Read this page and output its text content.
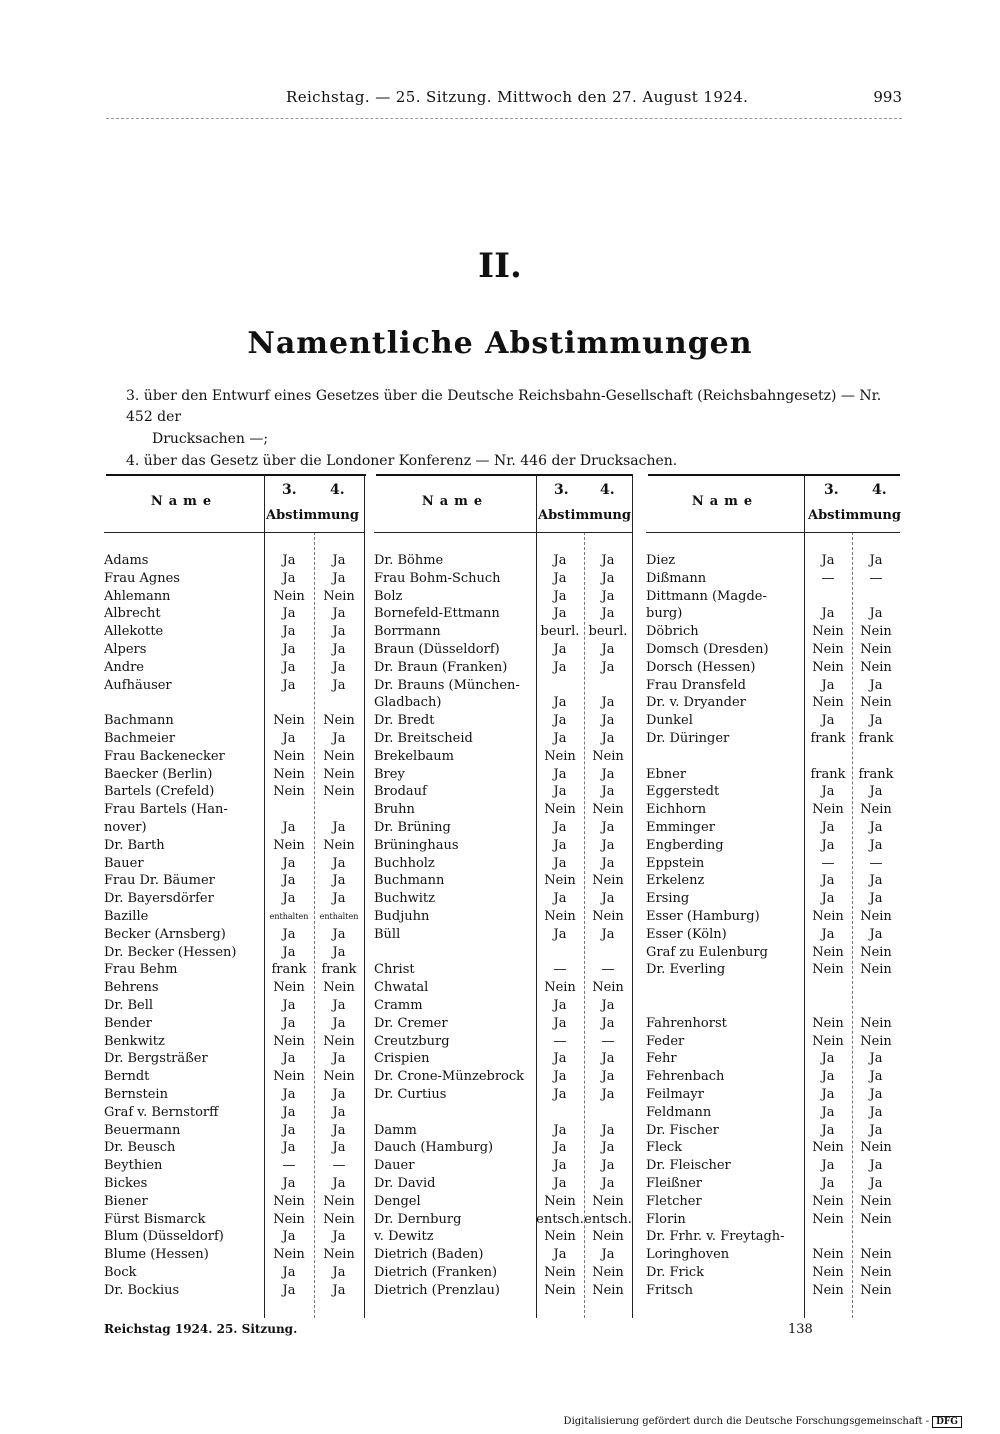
Reichstag. — 25. Sitzung. Mittwoch den 27. August 1924.	993
II.
Namentliche Abstimmungen

3. über den Entwurf eines Gesetzes über die Deutsche Reichsbahn-Gesellschaft (Reichsbahngesetz) — Nr. 452 der

Drucksachen —;

4. über das Gesetz über die Londoner Konferenz — Nr. 446 der Drucksachen.

Name
3. 4.
Abstimmung
Adams	Ja	Ja
Frau Agnes	Ja	Ja
Ahlemann	Nein	Nein
Albrecht	Ja	Ja
Allekotte	Ja	Ja
Alpers	Ja	Ja
Andre	Ja	Ja
Aufhäuser	Ja	Ja
Bachmann	Nein	Nein
Bachmeier	Ja	Ja
Frau Backenecker	Nein	Nein
Baecker (Berlin)	Nein	Nein
Bartels (Crefeld)	Nein	Nein
Frau Bartels (Han-
nover)	Ja	Ja
Dr. Barth	Nein	Nein
Bauer	Ja	Ja
Frau Dr. Bäumer	Ja	Ja
Dr. Bayersdörfer	Ja	Ja
Bazille	enthalten	enthalten
Becker (Arnsberg)	Ja	Ja
Dr. Becker (Hessen)	Ja	Ja
Frau Behm	frank	frank
Behrens	Nein	Nein
Dr. Bell	Ja	Ja
Bender	Ja	Ja
Benkwitz	Nein	Nein
Dr. Bergsträßer	Ja	Ja
Berndt	Nein	Nein
Bernstein	Ja	Ja
Graf v. Bernstorff	Ja	Ja
Beuermann	Ja	Ja
Dr. Beusch	Ja	Ja
Beythien	—	—
Bickes	Ja	Ja
Biener	Nein	Nein
Fürst Bismarck	Nein	Nein
Blum (Düsseldorf)	Ja	Ja
Blume (Hessen)	Nein	Nein
Bock	Ja	Ja
Dr. Bockius	Ja	Ja
Name
3. 4.
Abstimmung
Dr. Böhme	Ja	Ja
Frau Bohm-Schuch	Ja	Ja
Bolz	Ja	Ja
Bornefeld-Ettmann	Ja	Ja
Borrmann	beurl. beurl.
Braun (Düsseldorf)	Ja	Ja
Dr. Braun (Franken)	Ja	Ja
Dr. Brauns (München-
Gladbach)	Ja	Ja
Dr. Bredt	Ja	Ja
Dr. Breitscheid	Ja	Ja
Brekelbaum	Nein	Nein
Brey	Ja	Ja
Brodauf	Ja	Ja
Bruhn	Nein	Nein
Dr. Brüning	Ja	Ja
Brüninghaus	Ja	Ja
Buchholz	Ja	Ja
Buchmann	Nein	Nein
Buchwitz	Ja	Ja
Budjuhn	Nein	Nein
Büll	Ja	Ja
Christ	—	—
Chwatal	Nein	Nein
Cramm	Ja	Ja
Dr. Cremer	Ja	Ja
Creutzburg	—	—
Crispien	Ja	Ja
Dr. Crone-Münzebrock	Ja	Ja
Dr. Curtius	Ja	Ja
Damm	Ja	Ja
Dauch (Hamburg)	Ja	Ja
Dauer	Ja	Ja
Dr. David	Ja	Ja
Dengel	Nein	Nein
Dr. Dernburg	entsch. entsch.
v. Dewitz	Nein	Nein
Dietrich (Baden)	Ja	Ja
Dietrich (Franken)	Nein	Nein
Dietrich (Prenzlau)	Nein	Nein
Name
3. 4.
Abstimmung
Diez	Ja	Ja
Dißmann	—	—
Dittmann (Magde-
burg)	Ja	Ja
Döbrich	Nein	Nein
Domsch (Dresden)	Nein	Nein
Dorsch (Hessen)	Nein	Nein
Frau Dransfeld	Ja	Ja
Dr. v. Dryander	Nein	Nein
Dunkel	Ja	Ja
Dr. Düringer	frank frank
Ebner	frank frank
Eggerstedt	Ja	Ja
Eichhorn	Nein	Nein
Emminger	Ja	Ja
Engberding	Ja	Ja
Eppstein	—	—
Erkelenz	Ja	Ja
Ersing	Ja	Ja
Esser (Hamburg)	Nein	Nein
Esser (Köln)	Ja	Ja
Graf zu Eulenburg	Nein	Nein
Dr. Everling	Nein	Nein
Fahrenhorst	Nein	Nein
Feder	Nein	Nein
Fehr	Ja	Ja
Fehrenbach	Ja	Ja
Feilmayr	Ja	Ja
Feldmann	Ja	Ja
Dr. Fischer	Ja	Ja
Fleck	Nein	Nein
Dr. Fleischer	Ja	Ja
Fleißner	Ja	Ja
Fletcher	Nein	Nein
Florin	Nein	Nein
Dr. Frhr. v. Freytagh-
Loringhoven	Nein	Nein
Dr. Frick	Nein	Nein
Fritsch	Nein	Nein
Reichstag 1924. 25. Sitzung.	138
Digitalisierung gefördert durch die Deutsche Forschungsgemeinschaft - DFG
